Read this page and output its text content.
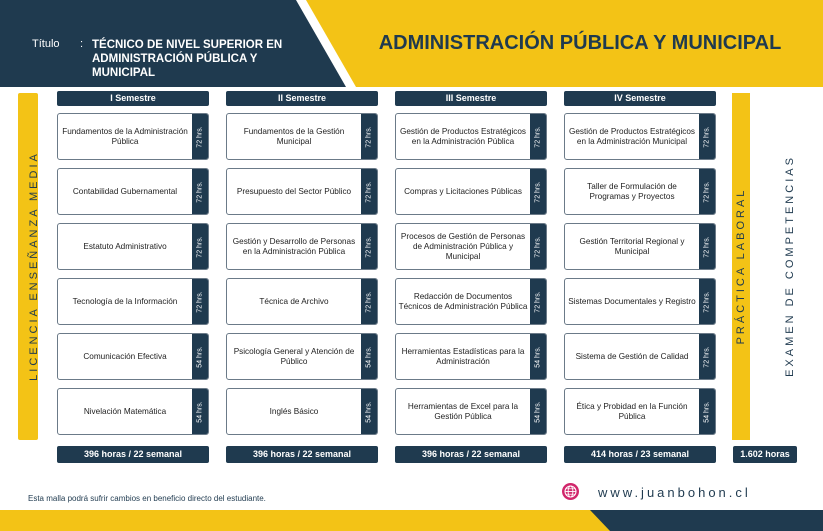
Título : TÉCNICO DE NIVEL SUPERIOR EN ADMINISTRACIÓN PÚBLICA Y MUNICIPAL
ADMINISTRACIÓN PÚBLICA Y MUNICIPAL
LICENCIA ENSEÑANZA MEDIA	PRÁCTICA LABORAL	EXAMEN DE COMPETENCIAS
I Semestre
Fundamentos de la Administración Pública	72 hrs.
Contabilidad Gubernamental	72 hrs.
Estatuto Administrativo	72 hrs.
Tecnología de la Información	72 hrs.
Comunicación Efectiva	54 hrs.
Nivelación Matemática	54 hrs.
396 horas / 22 semanal
II Semestre
Fundamentos de la Gestión Municipal	72 hrs.
Presupuesto del Sector Público	72 hrs.
Gestión y Desarrollo de Personas en la Administración Pública	72 hrs.
Técnica de Archivo	72 hrs.
Psicología General y Atención de Público	54 hrs.
Inglés Básico	54 hrs.
396 horas / 22 semanal
III Semestre
Gestión de Productos Estratégicos en la Administración Pública	72 hrs.
Compras y Licitaciones Públicas	72 hrs.
Procesos de Gestión de Personas de Administración Pública y Municipal	72 hrs.
Redacción de Documentos Técnicos de Administración Pública 72 hrs.
Herramientas Estadísticas para la Administración	54 hrs.
Herramientas de Excel para la Gestión Pública	54 hrs.
396 horas / 22 semanal
IV Semestre
Gestión de Productos Estratégicos en la Administración Municipal	72 hrs.
Taller de Formulación de Programas y Proyectos	72 hrs.
Gestión Territorial Regional y Municipal	72 hrs.
Sistemas Documentales y Registro 72 hrs.
Sistema de Gestión de Calidad	72 hrs.
Ética y Probidad en la Función Pública	54 hrs.
414 horas / 23 semanal	1.602 horas
Esta malla podrá sufrir cambios en beneficio directo del estudiante.	www.juanbohon.cl
